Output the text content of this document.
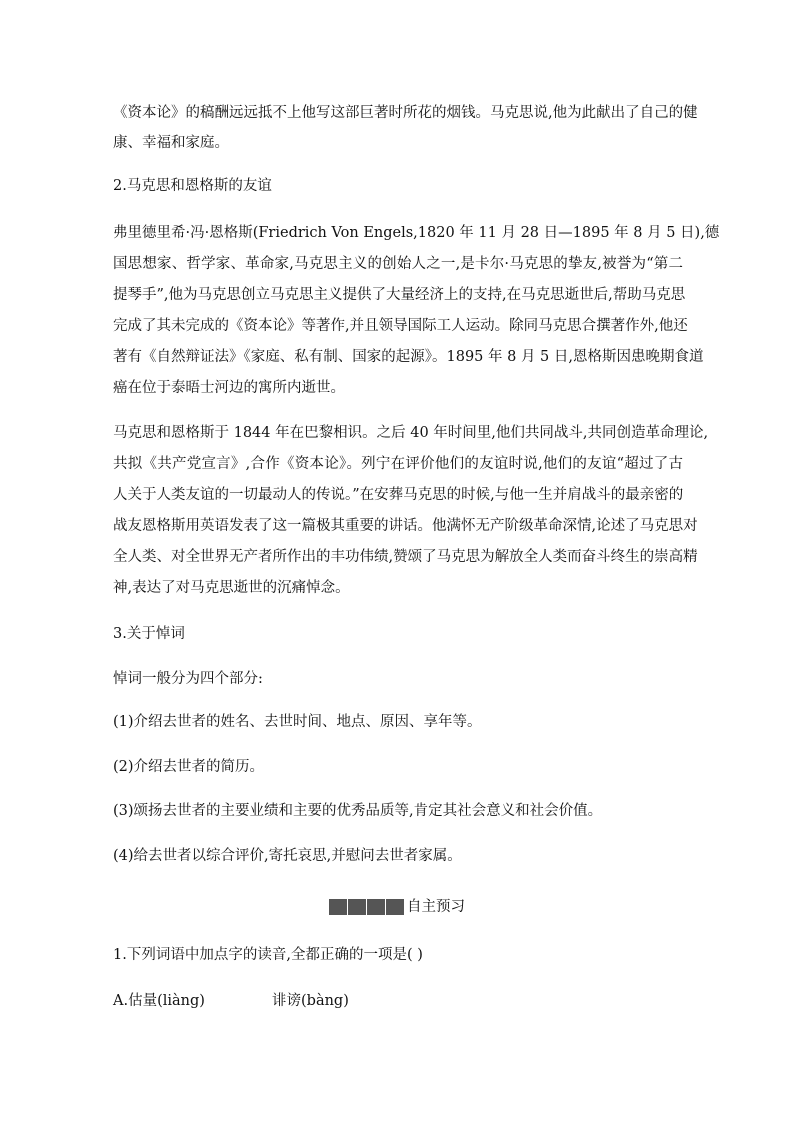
《资本论》的稿酬远远抵不上他写这部巨著时所花的烟钱。马克思说,他为此献出了自己的健
康、幸福和家庭。
2.马克思和恩格斯的友谊
弗里德里希·冯·恩格斯(Friedrich Von Engels,1820 年 11 月 28 日—1895 年 8 月 5 日),德
国思想家、哲学家、革命家,马克思主义的创始人之一,是卡尔·马克思的挚友,被誉为“第二
提琴手”,他为马克思创立马克思主义提供了大量经济上的支持,在马克思逝世后,帮助马克思
完成了其未完成的《资本论》等著作,并且领导国际工人运动。除同马克思合撰著作外,他还
著有《自然辩证法》《家庭、私有制、国家的起源》。1895 年 8 月 5 日,恩格斯因患晚期食道
癌在位于泰晤士河边的寓所内逝世。
马克思和恩格斯于 1844 年在巴黎相识。之后 40 年时间里,他们共同战斗,共同创造革命理论,
共拟《共产党宣言》,合作《资本论》。列宁在评价他们的友谊时说,他们的友谊“超过了古
人关于人类友谊的一切最动人的传说。”在安葬马克思的时候,与他一生并肩战斗的最亲密的
战友恩格斯用英语发表了这一篇极其重要的讲话。他满怀无产阶级革命深情,论述了马克思对
全人类、对全世界无产者所作出的丰功伟绩,赞颂了马克思为解放全人类而奋斗终生的崇高精
神,表达了对马克思逝世的沉痛悼念。
3.关于悼词
悼词一般分为四个部分:
(1)介绍去世者的姓名、去世时间、地点、原因、享年等。
(2)介绍去世者的简历。
(3)颂扬去世者的主要业绩和主要的优秀品质等,肯定其社会意义和社会价值。
(4)给去世者以综合评价,寄托哀思,并慰问去世者家属。
自主预习
1.下列词语中加点字的读音,全都正确的一项是( )
A.估量(liàng)	诽谤(bàng)
